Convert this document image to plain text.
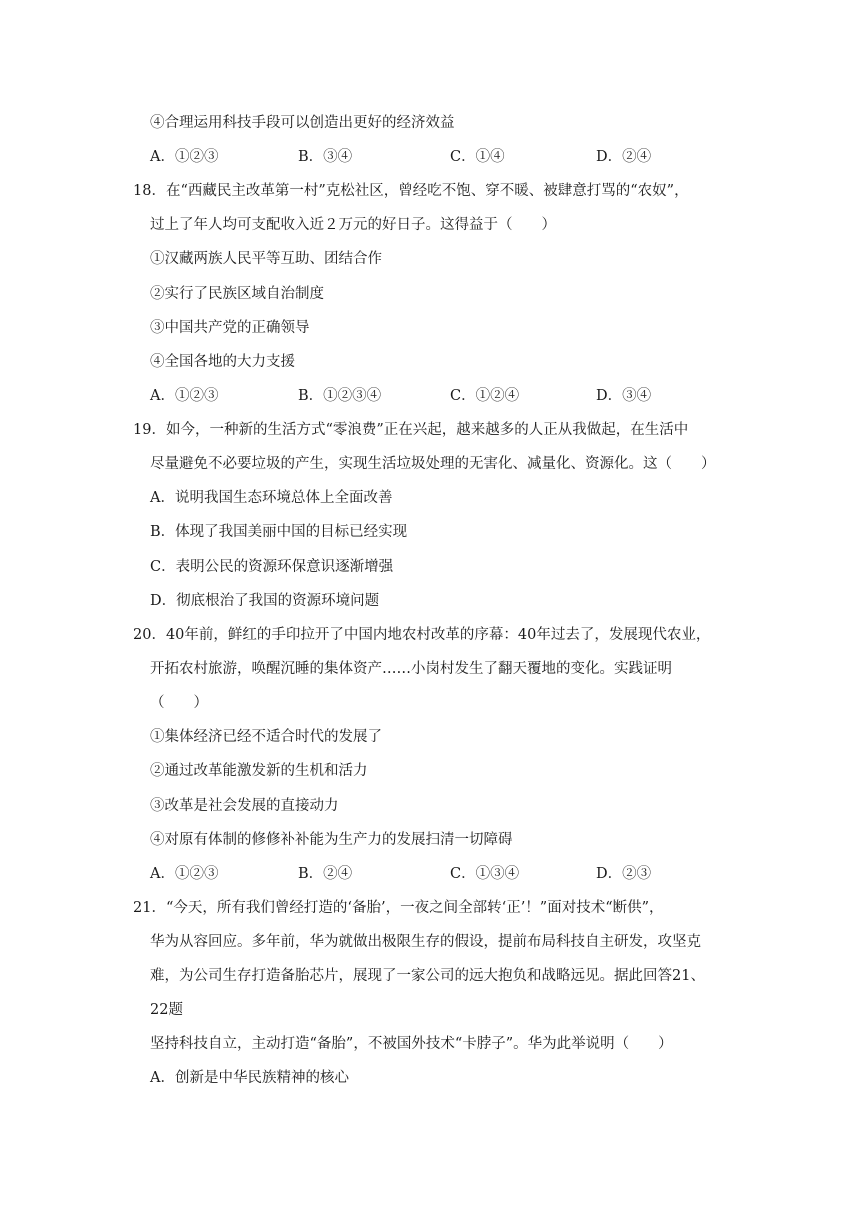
④合理运用科技手段可以创造出更好的经济效益
A．①②③	B．③④	C．①④	D．②④
18．在“西藏民主改革第一村”克松社区，曾经吃不饱、穿不暖、被肆意打骂的“农奴”，
过上了年人均可支配收入近２万元的好日子。这得益于（　　）
①汉藏两族人民平等互助、团结合作
②实行了民族区域自治制度
③中国共产党的正确领导
④全国各地的大力支援
A．①②③	B．①②③④	C．①②④	D．③④
19．如今，一种新的生活方式“零浪费”正在兴起，越来越多的人正从我做起，在生活中
尽量避免不必要垃圾的产生，实现生活垃圾处理的无害化、减量化、资源化。这（　　）
A．说明我国生态环境总体上全面改善
B．体现了我国美丽中国的目标已经实现
C．表明公民的资源环保意识逐渐增强
D．彻底根治了我国的资源环境问题
20．40年前，鲜红的手印拉开了中国内地农村改革的序幕：40年过去了，发展现代农业，
开拓农村旅游，唤醒沉睡的集体资产……小岗村发生了翻天覆地的变化。实践证明
（　　）
①集体经济已经不适合时代的发展了
②通过改革能激发新的生机和活力
③改革是社会发展的直接动力
④对原有体制的修修补补能为生产力的发展扫清一切障碍
A．①②③	B．②④	C．①③④	D．②③
21．“今天，所有我们曾经打造的‘备胎’，一夜之间全部转‘正’！”面对技术“断供”，
华为从容回应。多年前，华为就做出极限生存的假设，提前布局科技自主研发，攻坚克
难，为公司生存打造备胎芯片，展现了一家公司的远大抱负和战略远见。据此回答21、
22题
坚持科技自立，主动打造“备胎”，不被国外技术“卡脖子”。华为此举说明（　　）
A．创新是中华民族精神的核心
